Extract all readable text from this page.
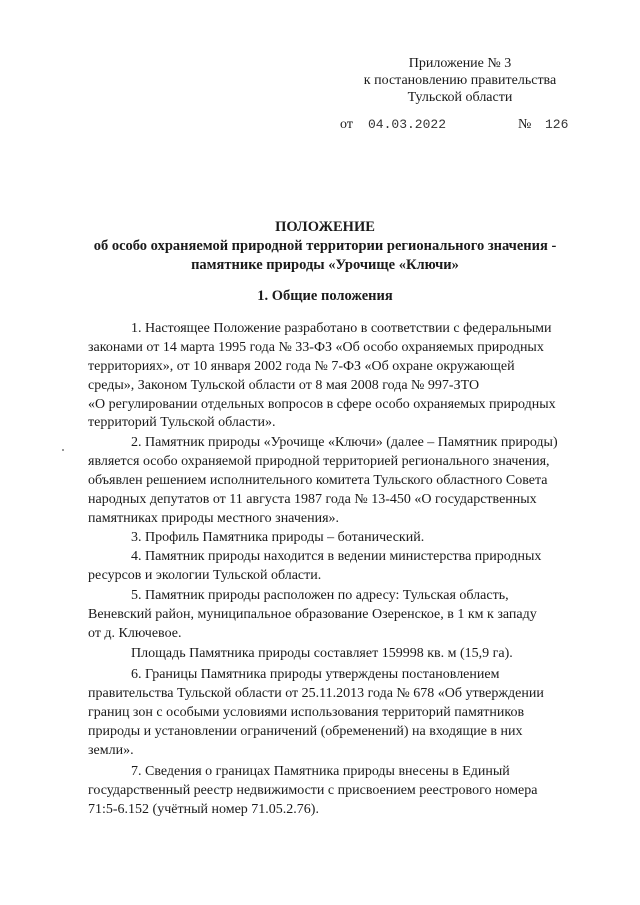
Приложение № 3
к постановлению правительства
Тульской области
от 04.03.2022	№ 126
ПОЛОЖЕНИЕ
об особо охраняемой природной территории регионального значения -
памятнике природы «Урочище «Ключи»
1. Общие положения
1. Настоящее Положение разработано в соответствии с федеральными
законами от 14 марта 1995 года № 33-ФЗ «Об особо охраняемых природных
территориях», от 10 января 2002 года № 7-ФЗ «Об охране окружающей
среды», Законом Тульской области от 8 мая 2008 года № 997-ЗТО
«О регулировании отдельных вопросов в сфере особо охраняемых природных
территорий Тульской области».
2. Памятник природы «Урочище «Ключи» (далее – Памятник природы)
является особо охраняемой природной территорией регионального значения,
объявлен решением исполнительного комитета Тульского областного Совета
народных депутатов от 11 августа 1987 года № 13-450 «О государственных
памятниках природы местного значения».
3. Профиль Памятника природы – ботанический.
4. Памятник природы находится в ведении министерства природных
ресурсов и экологии Тульской области.
5. Памятник природы расположен по адресу: Тульская область,
Веневский район, муниципальное образование Озеренское, в 1 км к западу
от д. Ключевое.
Площадь Памятника природы составляет 159998 кв. м (15,9 га).
6. Границы Памятника природы утверждены постановлением
правительства Тульской области от 25.11.2013 года № 678 «Об утверждении
границ зон с особыми условиями использования территорий памятников
природы и установлении ограничений (обременений) на входящие в них
земли».
7. Сведения о границах Памятника природы внесены в Единый
государственный реестр недвижимости с присвоением реестрового номера
71:5-6.152 (учётный номер 71.05.2.76).
